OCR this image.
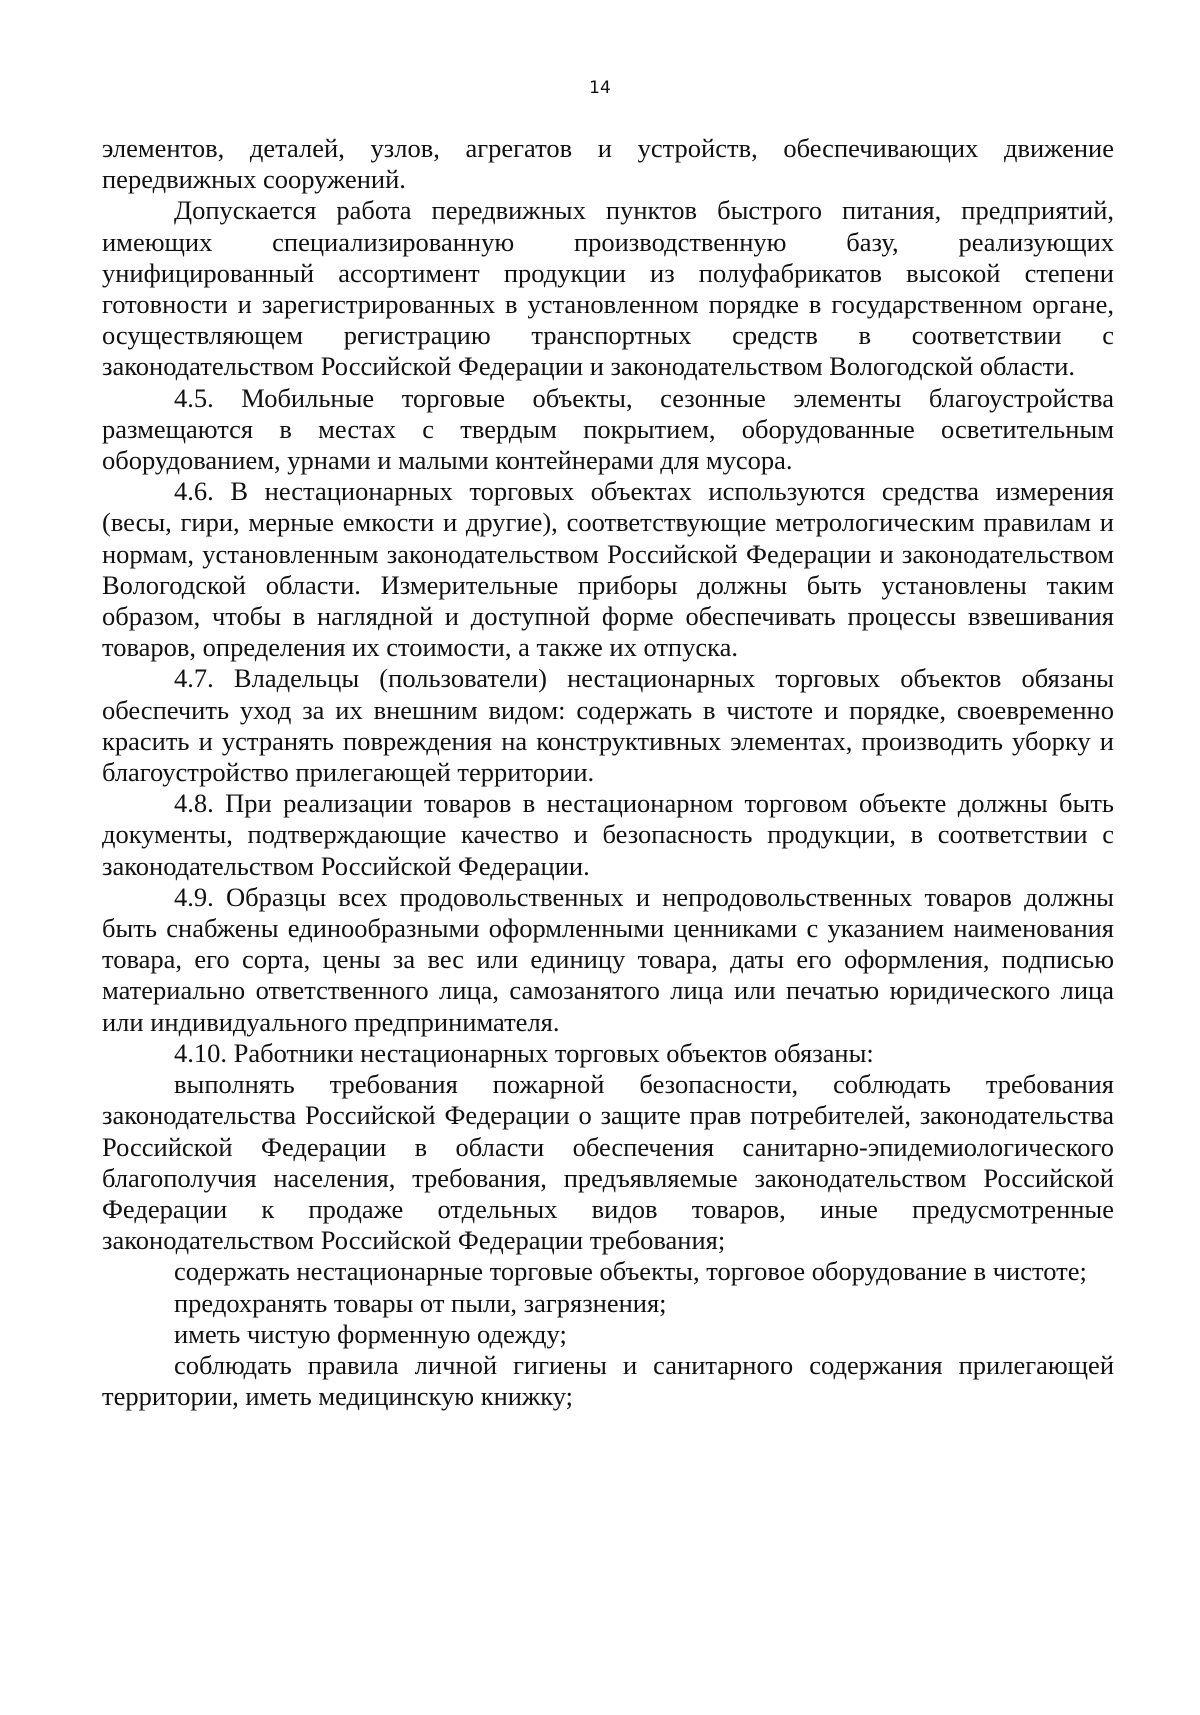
14

элементов, деталей, узлов, агрегатов и устройств, обеспечивающих движение передвижных сооружений.

Допускается работа передвижных пунктов быстрого питания, предприятий, имеющих специализированную производственную базу, реализующих унифицированный ассортимент продукции из полуфабрикатов высокой степени готовности и зарегистрированных в установленном порядке в государственном органе, осуществляющем регистрацию транспортных средств в соответствии с законодательством Российской Федерации и законодательством Вологодской области.

4.5. Мобильные торговые объекты, сезонные элементы благоустройства размещаются в местах с твердым покрытием, оборудованные осветительным оборудованием, урнами и малыми контейнерами для мусора.

4.6. В нестационарных торговых объектах используются средства измерения (весы, гири, мерные емкости и другие), соответствующие метрологическим правилам и нормам, установленным законодательством Российской Федерации и законодательством Вологодской области. Измерительные приборы должны быть установлены таким образом, чтобы в наглядной и доступной форме обеспечивать процессы взвешивания товаров, определения их стоимости, а также их отпуска.

4.7. Владельцы (пользователи) нестационарных торговых объектов обязаны обеспечить уход за их внешним видом: содержать в чистоте и порядке, своевременно красить и устранять повреждения на конструктивных элементах, производить уборку и благоустройство прилегающей территории.

4.8. При реализации товаров в нестационарном торговом объекте должны быть документы, подтверждающие качество и безопасность продукции, в соответствии с законодательством Российской Федерации.

4.9. Образцы всех продовольственных и непродовольственных товаров должны быть снабжены единообразными оформленными ценниками с указанием наименования товара, его сорта, цены за вес или единицу товара, даты его оформления, подписью материально ответственного лица, самозанятого лица или печатью юридического лица или индивидуального предпринимателя.

4.10. Работники нестационарных торговых объектов обязаны:

выполнять требования пожарной безопасности, соблюдать требования законодательства Российской Федерации о защите прав потребителей, законодательства Российской Федерации в области обеспечения санитарно-эпидемиологического благополучия населения, требования, предъявляемые законодательством Российской Федерации к продаже отдельных видов товаров, иные предусмотренные законодательством Российской Федерации требования;

содержать нестационарные торговые объекты, торговое оборудование в чистоте;

предохранять товары от пыли, загрязнения;

иметь чистую форменную одежду;

соблюдать правила личной гигиены и санитарного содержания прилегающей территории, иметь медицинскую книжку;
